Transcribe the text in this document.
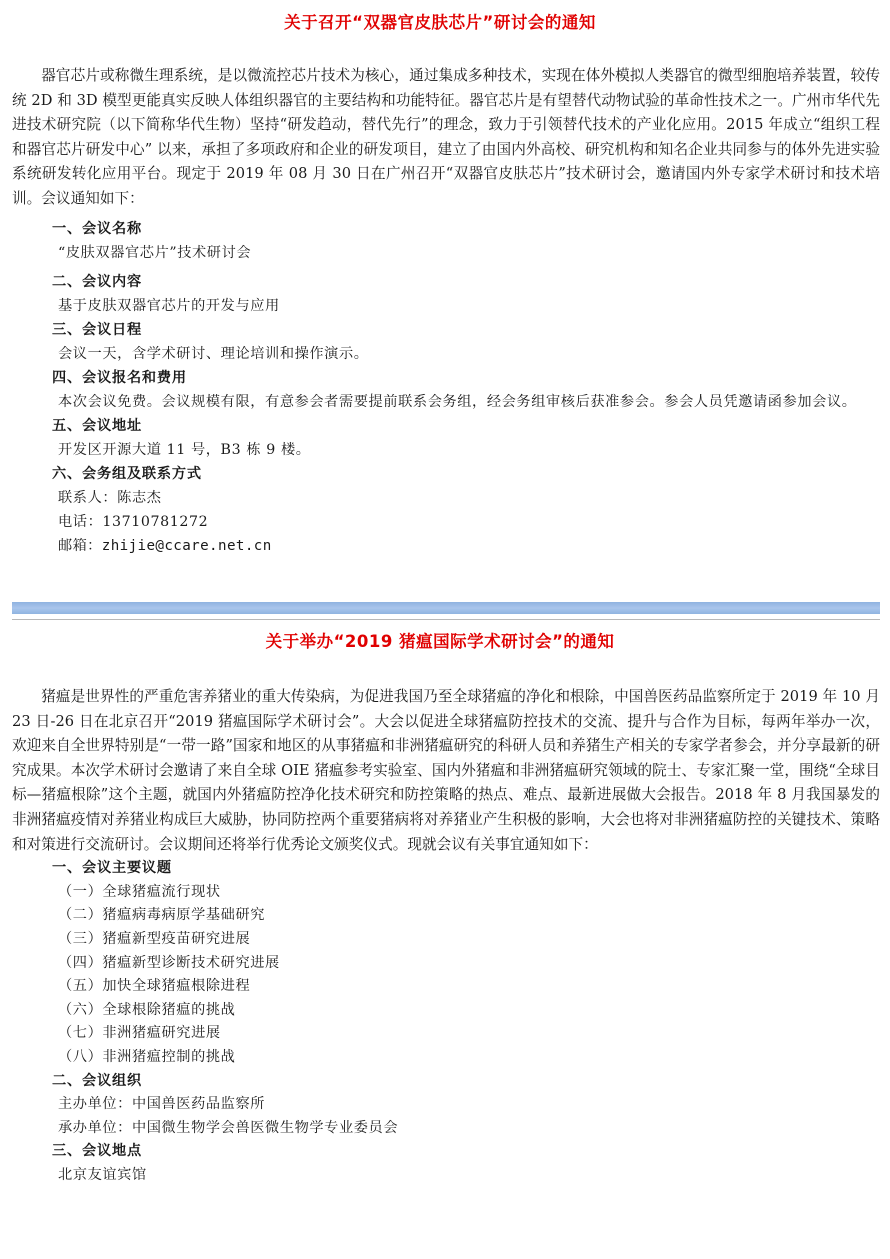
关于召开“双器官皮肤芯片”研讨会的通知

器官芯片或称微生理系统，是以微流控芯片技术为核心，通过集成多种技术，实现在体外模拟人类器官的微型细胞培养装置，较传统 2D 和 3D 模型更能真实反映人体组织器官的主要结构和功能特征。器官芯片是有望替代动物试验的革命性技术之一。广州市华代先进技术研究院（以下简称华代生物）坚持“研发趋动，替代先行”的理念，致力于引领替代技术的产业化应用。2015 年成立“组织工程和器官芯片研发中心” 以来，承担了多项政府和企业的研发项目，建立了由国内外高校、研究机构和知名企业共同参与的体外先进实验系统研发转化应用平台。现定于 2019 年 08 月 30 日在广州召开“双器官皮肤芯片”技术研讨会，邀请国内外专家学术研讨和技术培训。会议通知如下：

一、会议名称
“皮肤双器官芯片”技术研讨会
二、会议内容
基于皮肤双器官芯片的开发与应用
三、会议日程
会议一天，含学术研讨、理论培训和操作演示。
四、会议报名和费用
本次会议免费。会议规模有限，有意参会者需要提前联系会务组，经会务组审核后获准参会。参会人员凭邀请函参加会议。
五、会议地址
开发区开源大道 11 号，B3 栋 9 楼。
六、会务组及联系方式
联系人：陈志杰
电话：13710781272
邮箱：zhijie@ccare.net.cn
关于举办“2019 猪瘟国际学术研讨会”的通知

猪瘟是世界性的严重危害养猪业的重大传染病，为促进我国乃至全球猪瘟的净化和根除，中国兽医药品监察所定于 2019 年 10 月 23 日-26 日在北京召开“2019 猪瘟国际学术研讨会”。大会以促进全球猪瘟防控技术的交流、提升与合作为目标，每两年举办一次，欢迎来自全世界特别是“一带一路”国家和地区的从事猪瘟和非洲猪瘟研究的科研人员和养猪生产相关的专家学者参会，并分享最新的研究成果。本次学术研讨会邀请了来自全球 OIE 猪瘟参考实验室、国内外猪瘟和非洲猪瘟研究领域的院士、专家汇聚一堂，围绕“全球目标—猪瘟根除”这个主题，就国内外猪瘟防控净化技术研究和防控策略的热点、难点、最新进展做大会报告。2018 年 8 月我国暴发的非洲猪瘟疫情对养猪业构成巨大威胁，协同防控两个重要猪病将对养猪业产生积极的影响，大会也将对非洲猪瘟防控的关键技术、策略和对策进行交流研讨。会议期间还将举行优秀论文颁奖仪式。现就会议有关事宜通知如下：

一、会议主要议题
（一）全球猪瘟流行现状
（二）猪瘟病毒病原学基础研究
（三）猪瘟新型疫苗研究进展
（四）猪瘟新型诊断技术研究进展
（五）加快全球猪瘟根除进程
（六）全球根除猪瘟的挑战
（七）非洲猪瘟研究进展
（八）非洲猪瘟控制的挑战
二、会议组织
主办单位：中国兽医药品监察所
承办单位：中国微生物学会兽医微生物学专业委员会
三、会议地点
北京友谊宾馆
